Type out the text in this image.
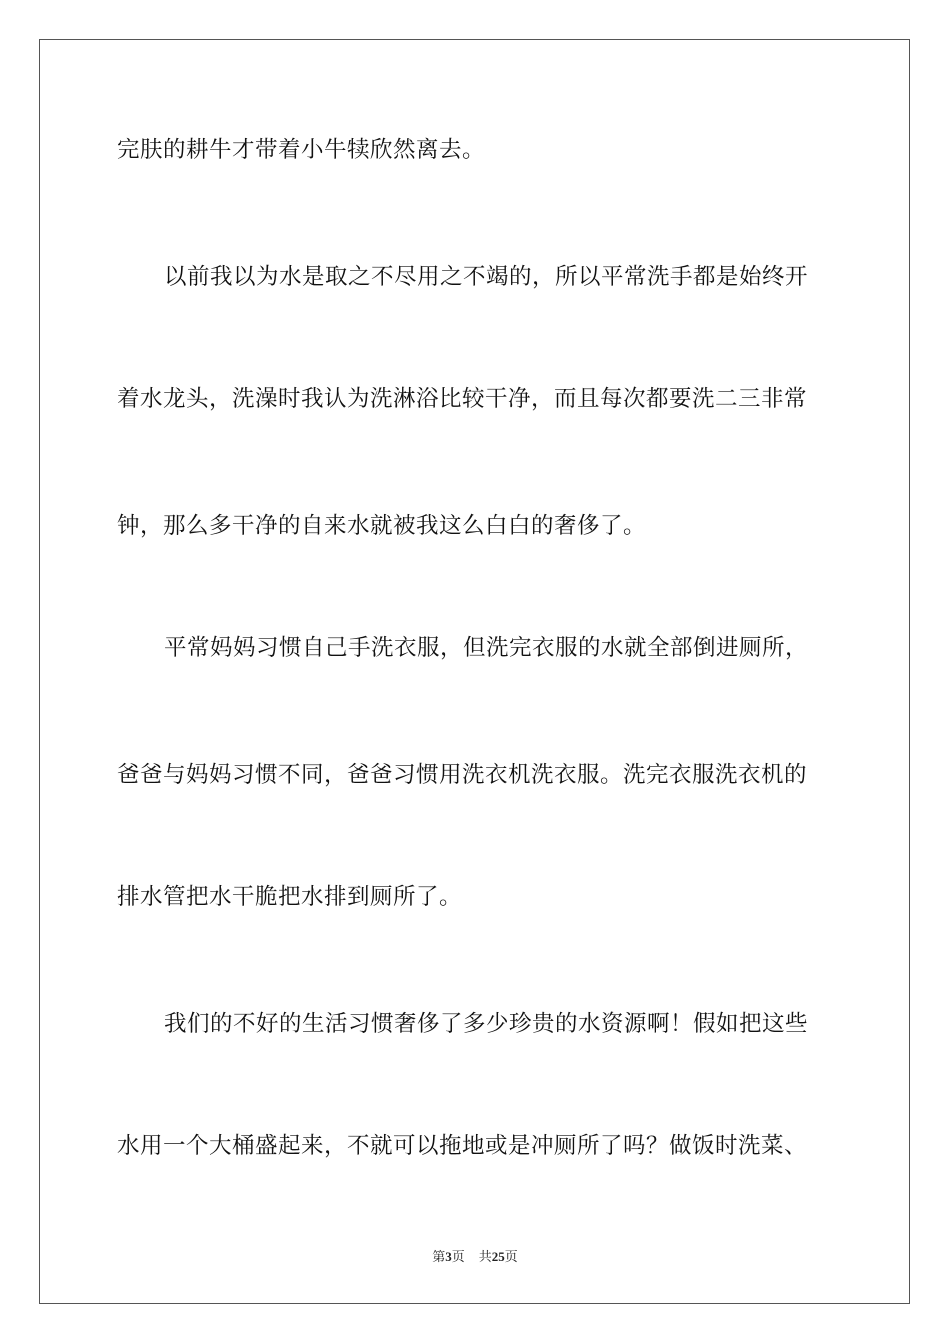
完肤的耕牛才带着小牛犊欣然离去。
以前我以为水是取之不尽用之不竭的，所以平常洗手都是始终开
着水龙头，洗澡时我认为洗淋浴比较干净，而且每次都要洗二三非常
钟，那么多干净的自来水就被我这么白白的奢侈了。
平常妈妈习惯自己手洗衣服，但洗完衣服的水就全部倒进厕所，
爸爸与妈妈习惯不同，爸爸习惯用洗衣机洗衣服。洗完衣服洗衣机的
排水管把水干脆把水排到厕所了。
我们的不好的生活习惯奢侈了多少珍贵的水资源啊！假如把这些
水用一个大桶盛起来，不就可以拖地或是冲厕所了吗？做饭时洗菜、
第3页 共25页
